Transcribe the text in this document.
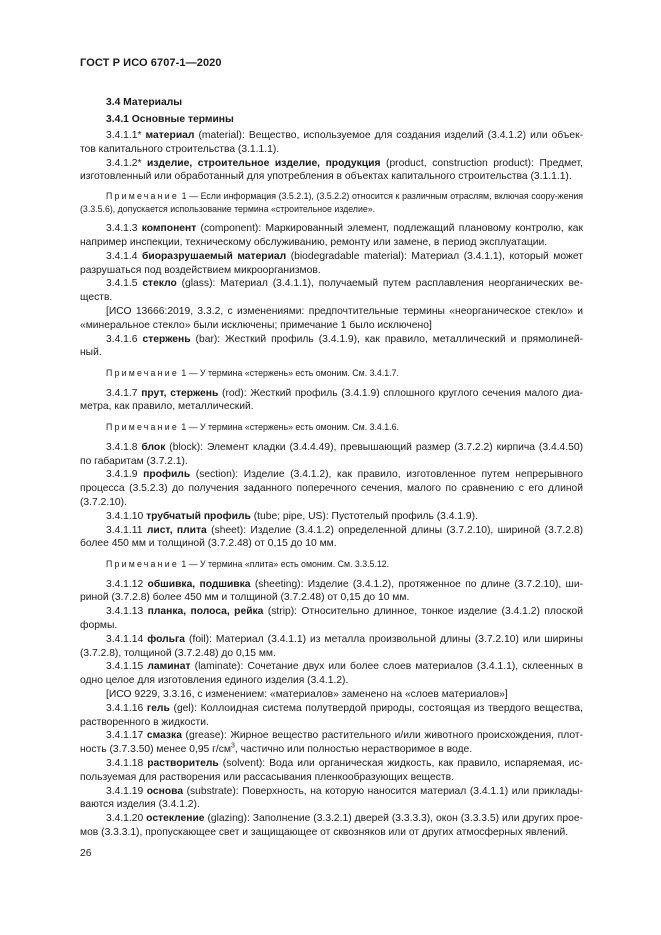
ГОСТ Р ИСО 6707-1—2020
3.4 Материалы
3.4.1 Основные термины

3.4.1.1* материал (material): Вещество, используемое для создания изделий (3.4.1.2) или объек-тов капитального строительства (3.1.1.1).

3.4.1.2* изделие, строительное изделие, продукция (product, construction product): Предмет, изготовленный или обработанный для употребления в объектах капитального строительства (3.1.1.1).

Примечание 1 — Если информация (3.5.2.1), (3.5.2.2) относится к различным отраслям, включая соору-жения (3.3.5.6), допускается использование термина «строительное изделие».

3.4.1.3 компонент (component): Маркированный элемент, подлежащий плановому контролю, как например инспекции, техническому обслуживанию, ремонту или замене, в период эксплуатации.

3.4.1.4 биоразрушаемый материал (biodegradable material): Материал (3.4.1.1), который может разрушаться под воздействием микроорганизмов.

3.4.1.5 стекло (glass): Материал (3.4.1.1), получаемый путем расплавления неорганических ве-ществ.

[ИСО 13666:2019, 3.3.2, с изменениями: предпочтительные термины «неорганическое стекло» и «минеральное стекло» были исключены; примечание 1 было исключено]

3.4.1.6 стержень (bar): Жесткий профиль (3.4.1.9), как правило, металлический и прямолиней-ный.

Примечание 1 — У термина «стержень» есть омоним. См. 3.4.1.7.

3.4.1.7 прут, стержень (rod): Жесткий профиль (3.4.1.9) сплошного круглого сечения малого диа-метра, как правило, металлический.

Примечание 1 — У термина «стержень» есть омоним. См. 3.4.1.6.

3.4.1.8 блок (block): Элемент кладки (3.4.4.49), превышающий размер (3.7.2.2) кирпича (3.4.4.50) по габаритам (3.7.2.1).

3.4.1.9 профиль (section): Изделие (3.4.1.2), как правило, изготовленное путем непрерывного процесса (3.5.2.3) до получения заданного поперечного сечения, малого по сравнению с его длиной (3.7.2.10).

3.4.1.10 трубчатый профиль (tube; pipe, US): Пустотелый профиль (3.4.1.9).

3.4.1.11 лист, плита (sheet): Изделие (3.4.1.2) определенной длины (3.7.2.10), шириной (3.7.2.8) более 450 мм и толщиной (3.7.2.48) от 0,15 до 10 мм.

Примечание 1 — У термина «плита» есть омоним. См. 3.3.5.12.

3.4.1.12 обшивка, подшивка (sheeting): Изделие (3.4.1.2), протяженное по длине (3.7.2.10), ши-риной (3.7.2.8) более 450 мм и толщиной (3.7.2.48) от 0,15 до 10 мм.

3.4.1.13 планка, полоса, рейка (strip): Относительно длинное, тонкое изделие (3.4.1.2) плоской формы.

3.4.1.14 фольга (foil): Материал (3.4.1.1) из металла произвольной длины (3.7.2.10) или ширины (3.7.2.8), толщиной (3.7.2.48) до 0,15 мм.

3.4.1.15 ламинат (laminate): Сочетание двух или более слоев материалов (3.4.1.1), склеенных в одно целое для изготовления единого изделия (3.4.1.2).

[ИСО 9229, 3.3.16, с изменением: «материалов» заменено на «слоев материалов»]

3.4.1.16 гель (gel): Коллоидная система полутвердой природы, состоящая из твердого вещества, растворенного в жидкости.

3.4.1.17 смазка (grease): Жирное вещество растительного и/или животного происхождения, плот-ность (3.7.3.50) менее 0,95 $г/см^3$, частично или полностью нерастворимое в воде.

3.4.1.18 растворитель (solvent): Вода или органическая жидкость, как правило, испаряемая, ис-пользуемая для растворения или рассасывания пленкообразующих веществ.

3.4.1.19 основа (substrate): Поверхность, на которую наносится материал (3.4.1.1) или приклады-ваются изделия (3.4.1.2).

3.4.1.20 остекление (glazing): Заполнение (3.3.2.1) дверей (3.3.3.3), окон (3.3.3.5) или других прое-мов (3.3.3.1), пропускающее свет и защищающее от сквозняков или от других атмосферных явлений.

26
